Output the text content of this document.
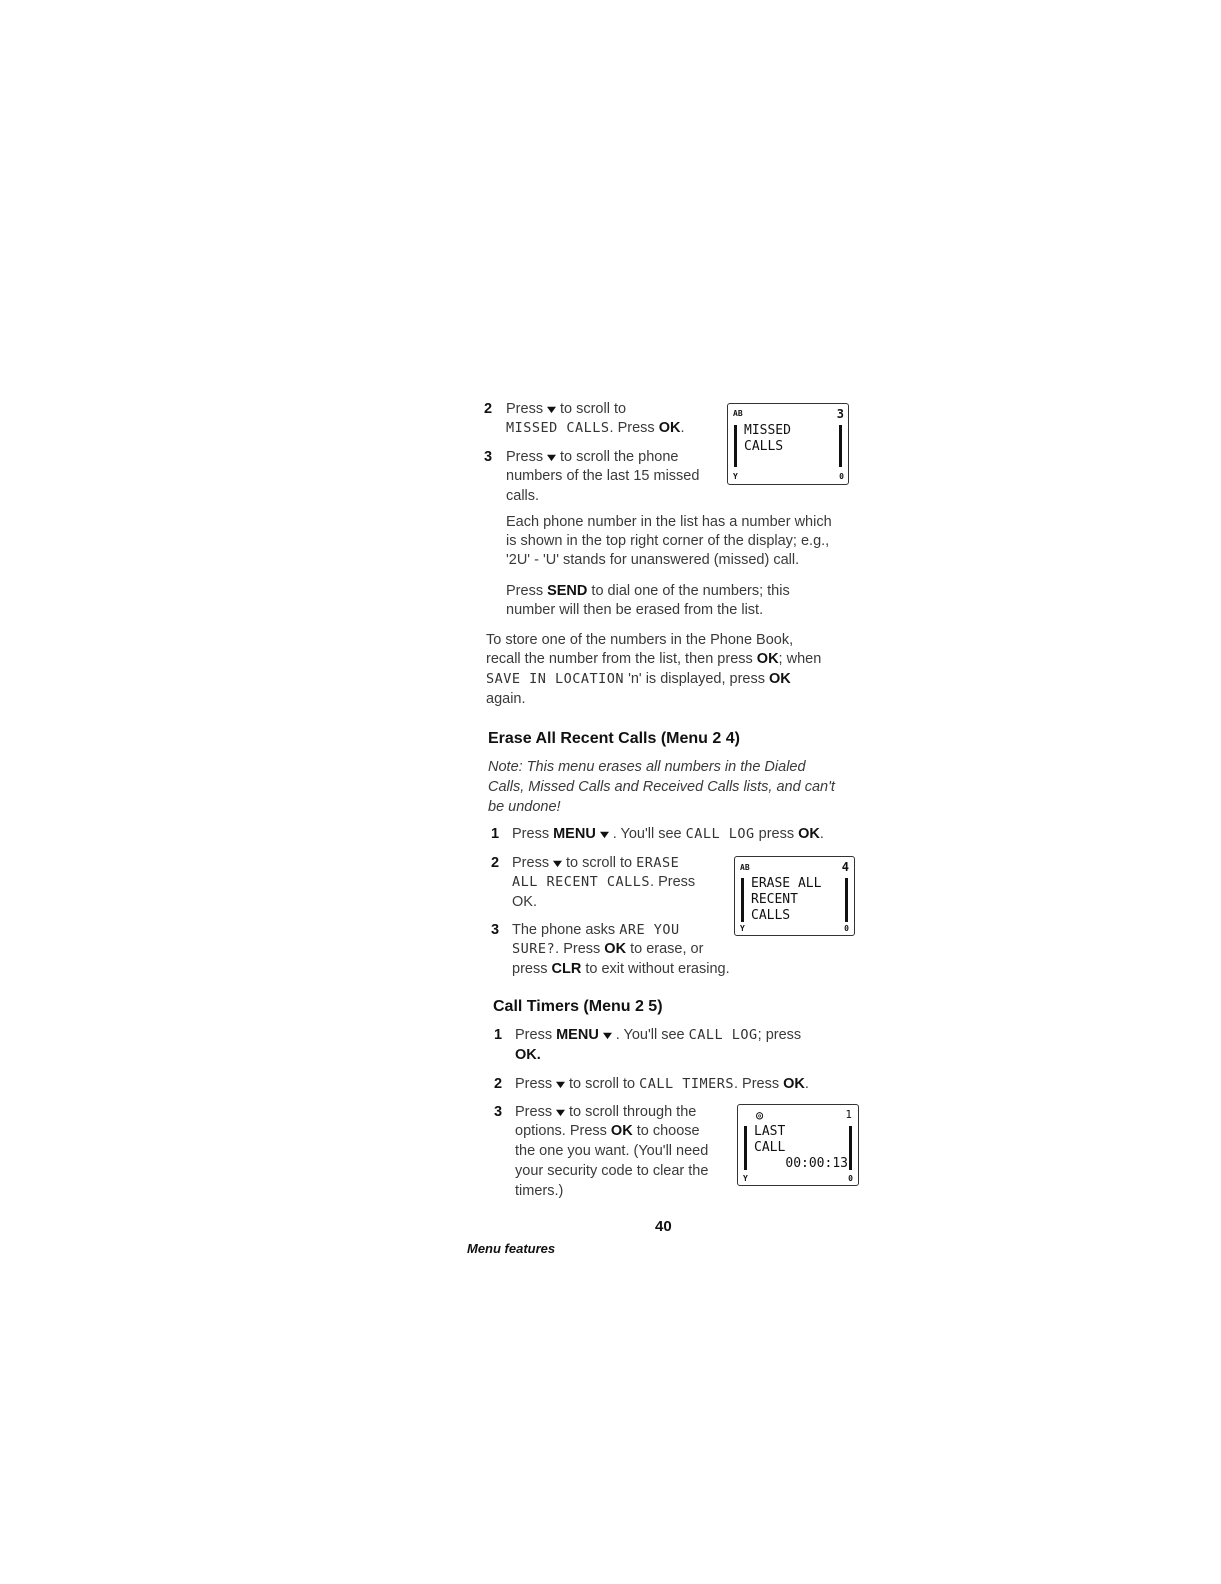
2 Press▼to scroll to
MISSED CALLS. Press OK.
3 Press▼to scroll the phone
numbers of the last 15 missed
calls.
AB	3
MISSED
CALLS
Y	0
Each phone number in the list has a number which
is shown in the top right corner of the display; e.g.,
'2U' - 'U' stands for unanswered (missed) call.
Press SEND to dial one of the numbers; this
number will then be erased from the list.
To store one of the numbers in the Phone Book,
recall the number from the list, then press OK; when
SAVE IN LOCATION 'n' is displayed, press OK
again.
Erase All Recent Calls (Menu 2 4)
Note: This menu erases all numbers in the Dialed
Calls, Missed Calls and Received Calls lists, and can't
be undone!
1 Press MENU▼. You'll see CALL LOG press OK.
2 Press▼to scroll to ERASE
ALL RECENT CALLS. Press
OK.
3 The phone asks ARE YOU
SURE?. Press OK to erase, or
press CLR to exit without erasing.
AB	4
ERASE ALL
RECENT
CALLS
Y	0
Call Timers (Menu 2 5)
1 Press MENU▼. You'll see CALL LOG; press
OK.
2 Press▼to scroll to CALL TIMERS. Press OK.
3 Press▼to scroll through the
options. Press OK to choose
the one you want. (You'll need
your security code to clear the
timers.)
◎	1
LAST
CALL
00:00:13
Y	0
40
Menu features
